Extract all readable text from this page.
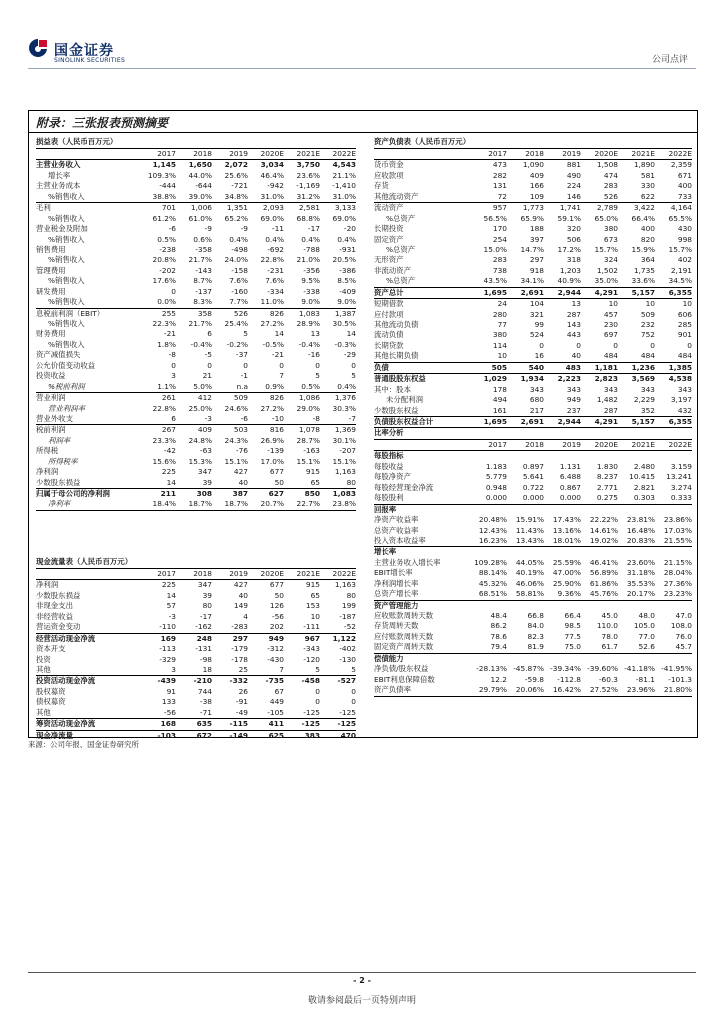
国金证券
SINOLINK SECURITIES	公司点评
附录：三张报表预测摘要
损益表（人民币百万元）
2017	2018	2019	2020E	2021E	2022E
主营业务收入	1,145	1,650	2,072	3,034	3,750	4,543
增长率	109.3%	44.0%	25.6%	46.4%	23.6%	21.1%
主营业务成本	-444	-644	-721	-942	-1,169	-1,410
%销售收入	38.8%	39.0%	34.8%	31.0%	31.2%	31.0%
毛利	701	1,006	1,351	2,093	2,581	3,133
%销售收入	61.2%	61.0%	65.2%	69.0%	68.8%	69.0%
营业税金及附加	-6	-9	-9	-11	-17	-20
%销售收入	0.5%	0.6%	0.4%	0.4%	0.4%	0.4%
销售费用	-238	-358	-498	-692	-788	-931
%销售收入	20.8%	21.7%	24.0%	22.8%	21.0%	20.5%
管理费用	-202	-143	-158	-231	-356	-386
%销售收入	17.6%	8.7%	7.6%	7.6%	9.5%	8.5%
研发费用	0	-137	-160	-334	-338	-409
%销售收入	0.0%	8.3%	7.7%	11.0%	9.0%	9.0%
息税前利润（EBIT）	255	358	526	826	1,083	1,387
%销售收入	22.3%	21.7%	25.4%	27.2%	28.9%	30.5%
财务费用	-21	6	5	14	13	14
%销售收入	1.8%	-0.4%	-0.2%	-0.5%	-0.4%	-0.3%
资产减值损失	-8	-5	-37	-21	-16	-29
公允价值变动收益	0	0	0	0	0	0
投资收益	3	21	-1	7	5	5
%税前利润	1.1%	5.0%	n.a	0.9%	0.5%	0.4%
营业利润	261	412	509	826	1,086	1,376
营业利润率	22.8%	25.0%	24.6%	27.2%	29.0%	30.3%
营业外收支	6	-3	-6	-10	-8	-7
税前利润	267	409	503	816	1,078	1,369
利润率	23.3%	24.8%	24.3%	26.9%	28.7%	30.1%
所得税	-42	-63	-76	-139	-163	-207
所得税率	15.6%	15.3%	15.1%	17.0%	15.1%	15.1%
净利润	225	347	427	677	915	1,163
少数股东损益	14	39	40	50	65	80
归属于母公司的净利润	211	308	387	627	850	1,083
净利率	18.4%	18.7%	18.7%	20.7%	22.7%	23.8%
资产负债表（人民币百万元）
2017	2018	2019	2020E	2021E	2022E
货币资金	473	1,090	881	1,508	1,890	2,359
应收款项	282	409	490	474	581	671
存货	131	166	224	283	330	400
其他流动资产	72	109	146	526	622	733
流动资产	957	1,773	1,741	2,789	3,422	4,164
%总资产	56.5%	65.9%	59.1%	65.0%	66.4%	65.5%
长期投资	170	188	320	380	400	430
固定资产	254	397	506	673	820	998
%总资产	15.0%	14.7%	17.2%	15.7%	15.9%	15.7%
无形资产	283	297	318	324	364	402
非流动资产	738	918	1,203	1,502	1,735	2,191
%总资产	43.5%	34.1%	40.9%	35.0%	33.6%	34.5%
资产总计	1,695	2,691	2,944	4,291	5,157	6,355
短期借款	24	104	13	10	10	10
应付款项	280	321	287	457	509	606
其他流动负债	77	99	143	230	232	285
流动负债	380	524	443	697	752	901
长期贷款	114	0	0	0	0	0
其他长期负债	10	16	40	484	484	484
负债	505	540	483	1,181	1,236	1,385
普通股股东权益	1,029	1,934	2,223	2,823	3,569	4,538
其中：股本	178	343	343	343	343	343
未分配利润	494	680	949	1,482	2,229	3,197
少数股东权益	161	217	237	287	352	432
负债股东权益合计	1,695	2,691	2,944	4,291	5,157	6,355
比率分析
2017	2018	2019	2020E	2021E	2022E
每股指标
每股收益	1.183	0.897	1.131	1.830	2.480	3.159
每股净资产	5.779	5.641	6.488	8.237	10.415	13.241
每股经营现金净流	0.948	0.722	0.867	2.771	2.821	3.274
每股股利	0.000	0.000	0.000	0.275	0.303	0.333
回报率
净资产收益率	20.48%	15.91%	17.43%	22.22%	23.81%	23.86%
总资产收益率	12.43%	11.43%	13.16%	14.61%	16.48%	17.03%
投入资本收益率	16.23%	13.43%	18.01%	19.02%	20.83%	21.55%
增长率
主营业务收入增长率	109.28%	44.05%	25.59%	46.41%	23.60%	21.15%
EBIT增长率	88.14%	40.19%	47.00%	56.89%	31.18%	28.04%
净利润增长率	45.32%	46.06%	25.90%	61.86%	35.53%	27.36%
总资产增长率	68.51%	58.81%	9.36%	45.76%	20.17%	23.23%
资产管理能力
应收账款周转天数	48.4	66.8	66.4	45.0	48.0	47.0
存货周转天数	86.2	84.0	98.5	110.0	105.0	108.0
应付账款周转天数	78.6	82.3	77.5	78.0	77.0	76.0
固定资产周转天数	79.4	81.9	75.0	61.7	52.6	45.7
偿债能力
净负债/股东权益	-28.13% -45.87% -39.34% -39.60% -41.18% -41.95%
EBIT利息保障倍数	12.2	-59.8	-112.8	-60.3	-81.1	-101.3
资产负债率	29.79%	20.06%	16.42%	27.52%	23.96%	21.80%
现金流量表（人民币百万元）
2017	2018	2019	2020E	2021E	2022E
净利润	225	347	427	677	915	1,163
少数股东损益	14	39	40	50	65	80
非现金支出	57	80	149	126	153	199
非经营收益	-3	-17	4	-56	10	-187
营运资金变动	-110	-162	-283	202	-111	-52
经营活动现金净流	169	248	297	949	967	1,122
资本开支	-113	-131	-179	-312	-343	-402
投资	-329	-98	-178	-430	-120	-130
其他	3	18	25	7	5	5
投资活动现金净流	-439	-210	-332	-735	-458	-527
股权募资	91	744	26	67	0	0
债权募资	133	-38	-91	449	0	0
其他	-56	-71	-49	-105	-125	-125
筹资活动现金净流	168	635	-115	411	-125	-125
现金净流量	-103	672	-149	625	383	470
来源：公司年报、国金证券研究所
- 2 -
敬请参阅最后一页特别声明
